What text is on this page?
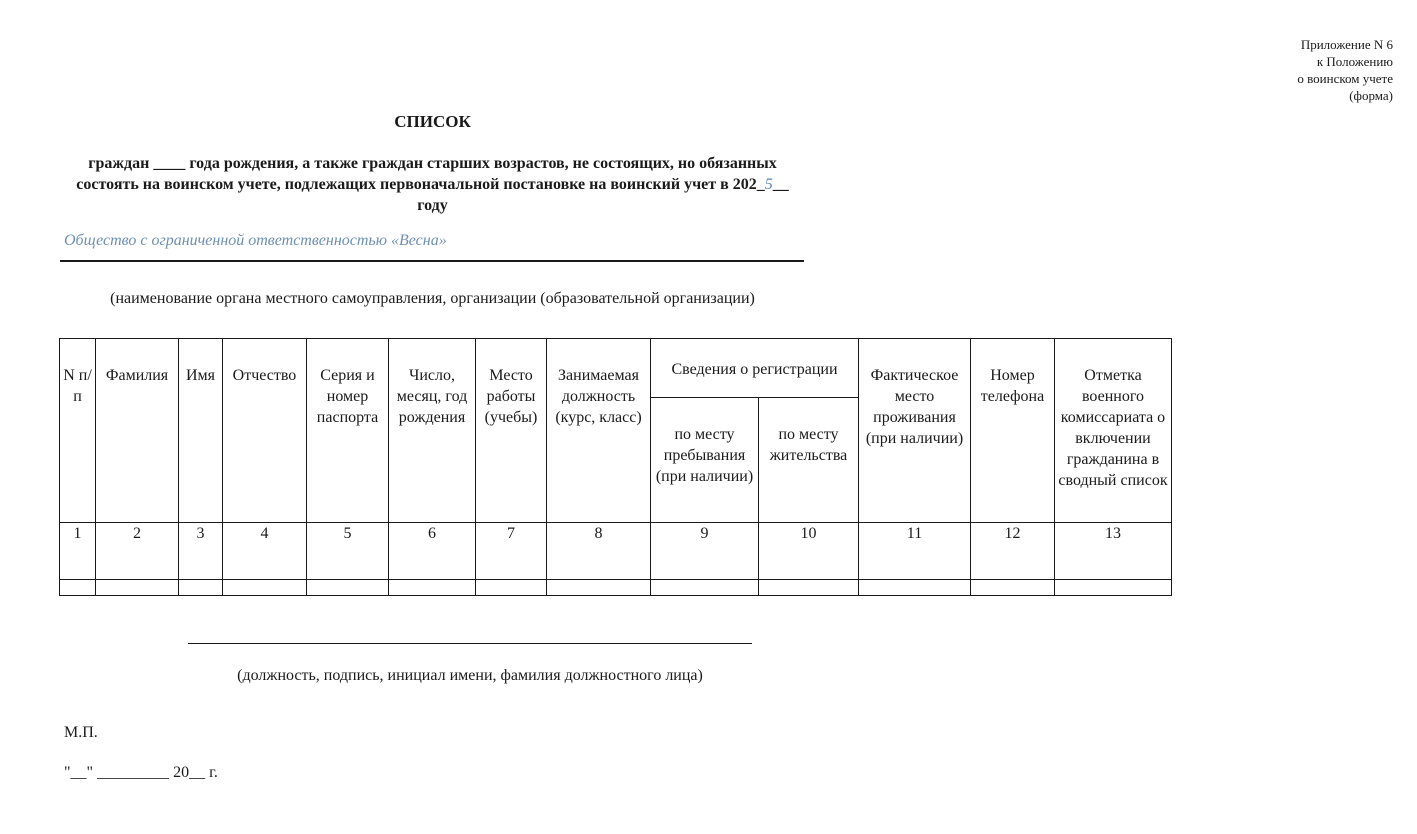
Приложение N 6
к Положению
о воинском учете
(форма)
СПИСОК
граждан ____ года рождения, а также граждан старших возрастов, не состоящих, но обязанных состоять на воинском учете, подлежащих первоначальной постановке на воинский учет в 202_5__ году
Общество с ограниченной ответственностью «Весна»
(наименование органа местного самоуправления, организации (образовательной организации)
N п/п	Фамилия	Имя	Отчество	Серия и номер паспорта	Число, месяц, год рождения	Место работы (учебы)	Занимаемая должность (курс, класс)	Сведения о регистрации		Фактическое место проживания (при наличии)	Номер телефона	Отметка военного комиссариата о включении гражданина в сводный список
								по месту пребывания (при наличии)	по месту жительства			
1	2	3	4	5	6	7	8	9	10	11	12	13

(должность, подпись, инициал имени, фамилия должностного лица)
М.П.
"__" _________ 20__ г.
